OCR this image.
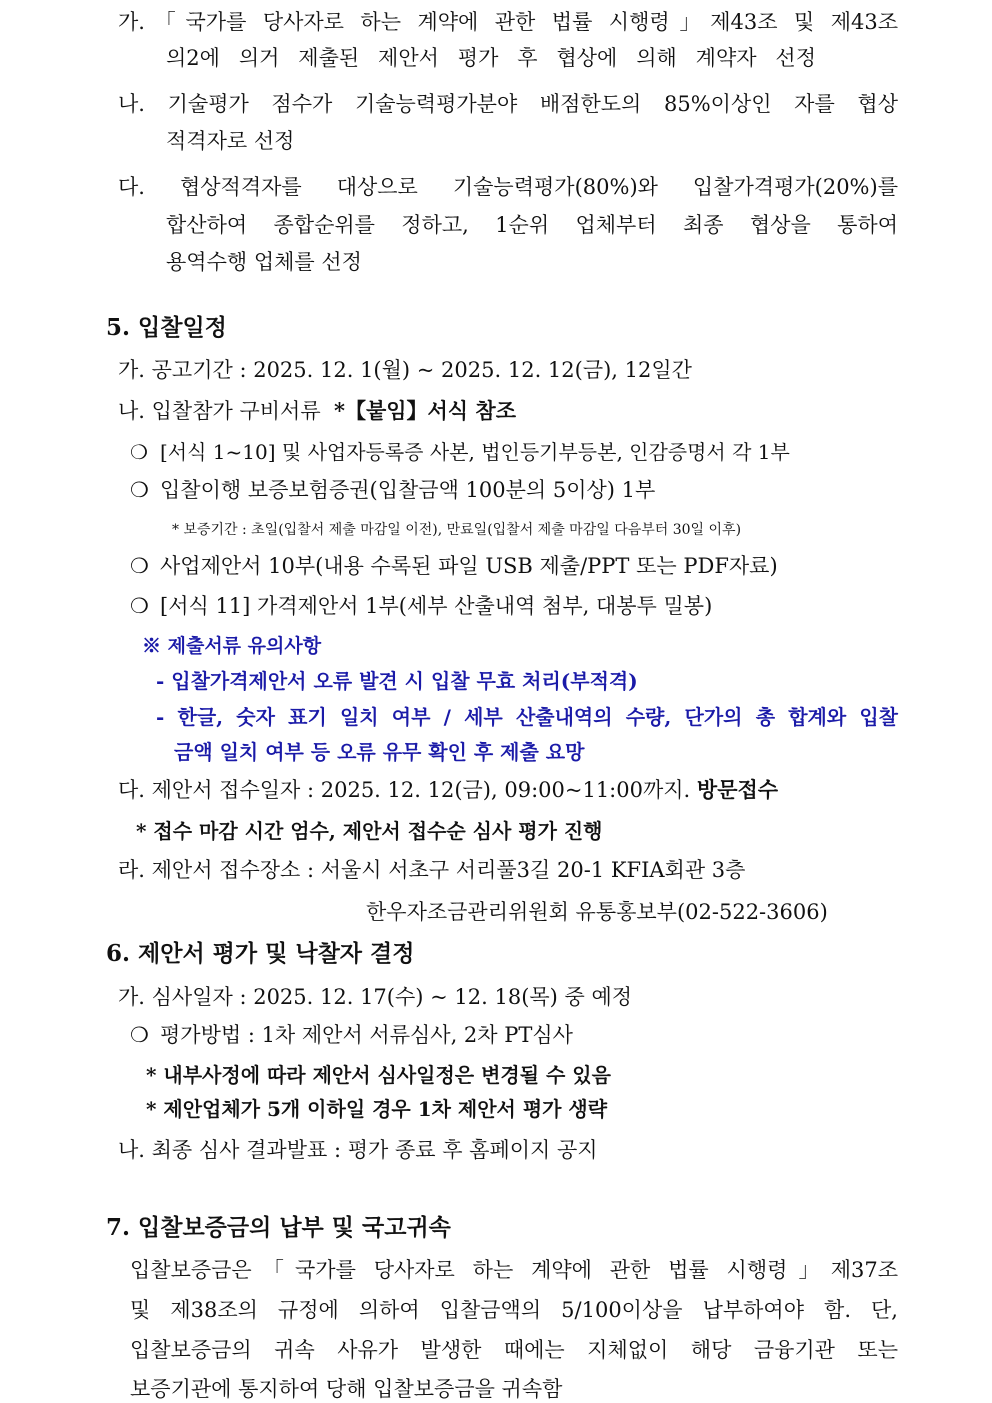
가.「국가를 당사자로 하는 계약에 관한 법률 시행령」제43조 및 제43조
의2에 의거 제출된 제안서 평가 후 협상에 의해 계약자 선정
나. 기술평가 점수가 기술능력평가분야 배점한도의 85%이상인 자를 협상
적격자로 선정
다. 협상적격자를 대상으로 기술능력평가(80%)와 입찰가격평가(20%)를
합산하여 종합순위를 정하고, 1순위 업체부터 최종 협상을 통하여
용역수행 업체를 선정
5. 입찰일정
가. 공고기간 : 2025. 12. 1(월) ~ 2025. 12. 12(금), 12일간
나. 입찰참가 구비서류 *【붙임】서식 참조
❍ [서식 1~10] 및 사업자등록증 사본, 법인등기부등본, 인감증명서 각 1부
❍ 입찰이행 보증보험증권(입찰금액 100분의 5이상) 1부
* 보증기간 : 초일(입찰서 제출 마감일 이전), 만료일(입찰서 제출 마감일 다음부터 30일 이후)
❍ 사업제안서 10부(내용 수록된 파일 USB 제출/PPT 또는 PDF자료)
❍ [서식 11] 가격제안서 1부(세부 산출내역 첨부, 대봉투 밀봉)
※ 제출서류 유의사항
- 입찰가격제안서 오류 발견 시 입찰 무효 처리(부적격)
- 한글, 숫자 표기 일치 여부 / 세부 산출내역의 수량, 단가의 총 합계와 입찰
금액 일치 여부 등 오류 유무 확인 후 제출 요망
다. 제안서 접수일자 : 2025. 12. 12(금), 09:00~11:00까지. 방문접수
* 접수 마감 시간 엄수, 제안서 접수순 심사 평가 진행
라. 제안서 접수장소 : 서울시 서초구 서리풀3길 20-1 KFIA회관 3층
한우자조금관리위원회 유통홍보부(02-522-3606)
6. 제안서 평가 및 낙찰자 결정
가. 심사일자 : 2025. 12. 17(수) ~ 12. 18(목) 중 예정
❍ 평가방법 : 1차 제안서 서류심사, 2차 PT심사
* 내부사정에 따라 제안서 심사일정은 변경될 수 있음
* 제안업체가 5개 이하일 경우 1차 제안서 평가 생략
나. 최종 심사 결과발표 : 평가 종료 후 홈페이지 공지
7. 입찰보증금의 납부 및 국고귀속
입찰보증금은「국가를 당사자로 하는 계약에 관한 법률 시행령」제37조
및 제38조의 규정에 의하여 입찰금액의 5/100이상을 납부하여야 함. 단,
입찰보증금의 귀속 사유가 발생한 때에는 지체없이 해당 금융기관 또는
보증기관에 통지하여 당해 입찰보증금을 귀속함
